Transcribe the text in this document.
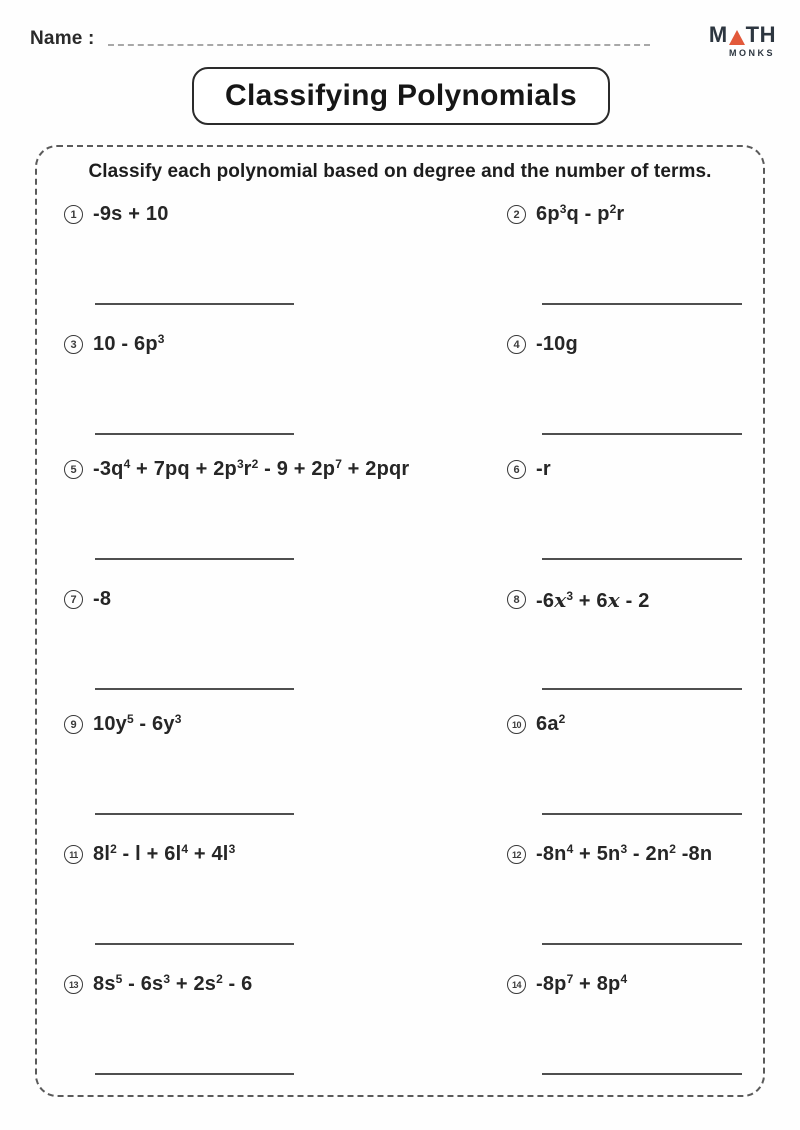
Name :	M TH
MONKS
Classifying Polynomials
Classify each polynomial based on degree and the number of terms.
1 -9s + 10	2 $6p^3q - p^2r$
3 $10 - 6p^3$	4 -10g
5 $-3q^4 + 7pq + 2p^3r^2 - 9 + 2p^7 + 2pqr$	6 -r
7 -8	8 $-6x^3 + 6x - 2$
9 $10y^5 - 6y^3$	10 $6a^2$
11 $8l^2 - l + 6l^4 + 4l^3$	12 $-8n^4 + 5n^3 - 2n^2$ -8n
13 $8s^5 - 6s^3 + 2s^2 - 6$	14 $-8p^7 + 8p^4$
